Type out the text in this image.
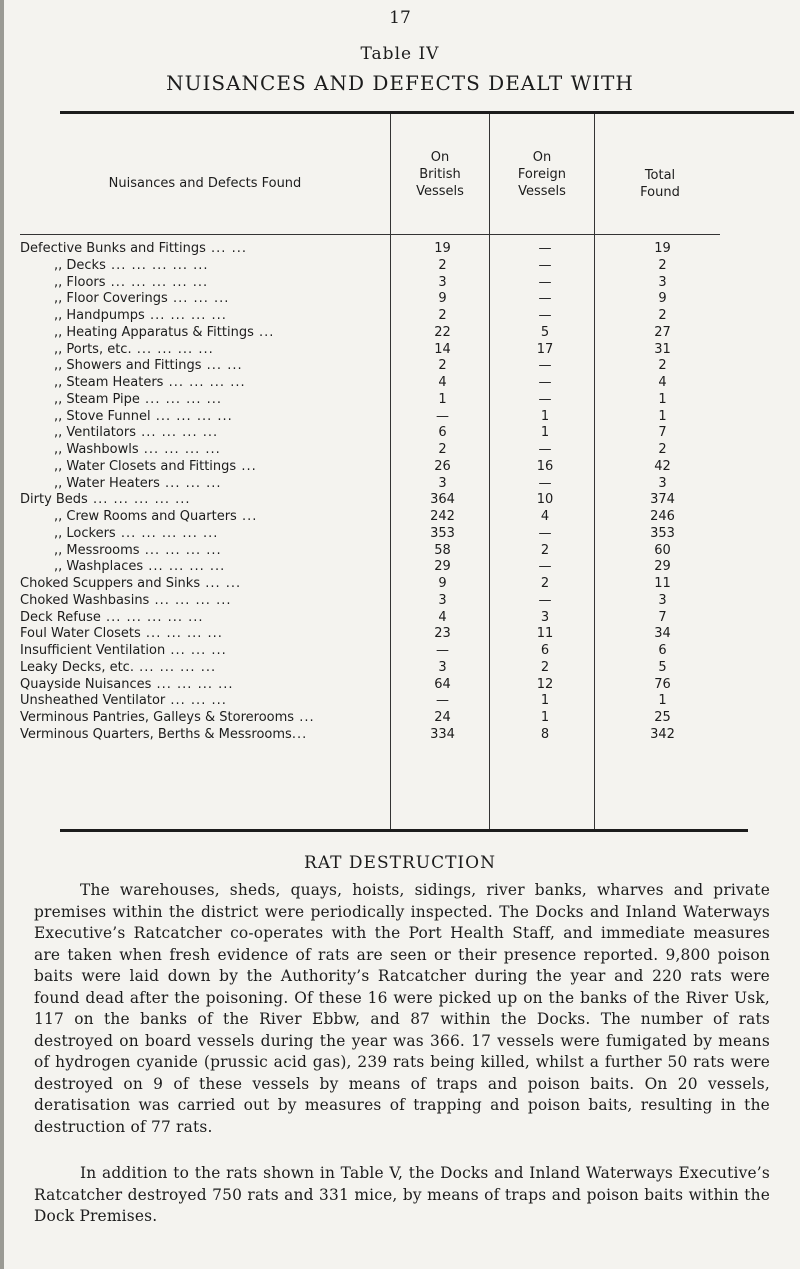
17
Table IV
NUISANCES AND DEFECTS DEALT WITH
Nuisances and Defects Found
On
British
Vessels
On
Foreign
Vessels
Total
Found
Defective Bunks and Fittings ... ...	19	—	19
,, Decks ... ... ... ... ...	2	—	2
,, Floors ... ... ... ... ...	3	—	3
,, Floor Coverings ... ... ...	9	—	9
,, Handpumps ... ... ... ...	2	—	2
,, Heating Apparatus & Fittings ...	22	5	27
,, Ports, etc. ... ... ... ...	14	17	31
,, Showers and Fittings ... ...	2	—	2
,, Steam Heaters ... ... ... ...	4	—	4
,, Steam Pipe ... ... ... ...	1	—	1
,, Stove Funnel ... ... ... ...	—	1	1
,, Ventilators ... ... ... ...	6	1	7
,, Washbowls ... ... ... ...	2	—	2
,, Water Closets and Fittings ...	26	16	42
,, Water Heaters ... ... ...	3	—	3
Dirty Beds ... ... ... ... ...	364	10	374
,, Crew Rooms and Quarters ...	242	4	246
,, Lockers ... ... ... ... ...	353	—	353
,, Messrooms ... ... ... ...	58	2	60
,, Washplaces ... ... ... ...	29	—	29
Choked Scuppers and Sinks ... ...	9	2	11
Choked Washbasins ... ... ... ...	3	—	3
Deck Refuse ... ... ... ... ...	4	3	7
Foul Water Closets ... ... ... ...	23	11	34
Insufficient Ventilation ... ... ...	—	6	6
Leaky Decks, etc. ... ... ... ...	3	2	5
Quayside Nuisances ... ... ... ...	64	12	76
Unsheathed Ventilator ... ... ...	—	1	1
Verminous Pantries, Galleys & Storerooms ...	24	1	25
Verminous Quarters, Berths & Messrooms...	334	8	342
RAT DESTRUCTION
The warehouses, sheds, quays, hoists, sidings, river banks, wharves and private premises within the district were periodically inspected. The Docks and Inland Waterways Executive’s Ratcatcher co-operates with the Port Health Staff, and immediate measures are taken when fresh evidence of rats are seen or their presence reported. 9,800 poison baits were laid down by the Authority’s Ratcatcher during the year and 220 rats were found dead after the poisoning. Of these 16 were picked up on the banks of the River Usk, 117 on the banks of the River Ebbw, and 87 within the Docks. The number of rats destroyed on board vessels during the year was 366. 17 vessels were fumigated by means of hydrogen cyanide (prussic acid gas), 239 rats being killed, whilst a further 50 rats were destroyed on 9 of these vessels by means of traps and poison baits. On 20 vessels, deratisation was carried out by measures of trapping and poison baits, resulting in the destruction of 77 rats.
In addition to the rats shown in Table V, the Docks and Inland Waterways Executive’s Ratcatcher destroyed 750 rats and 331 mice, by means of traps and poison baits within the Dock Premises.
